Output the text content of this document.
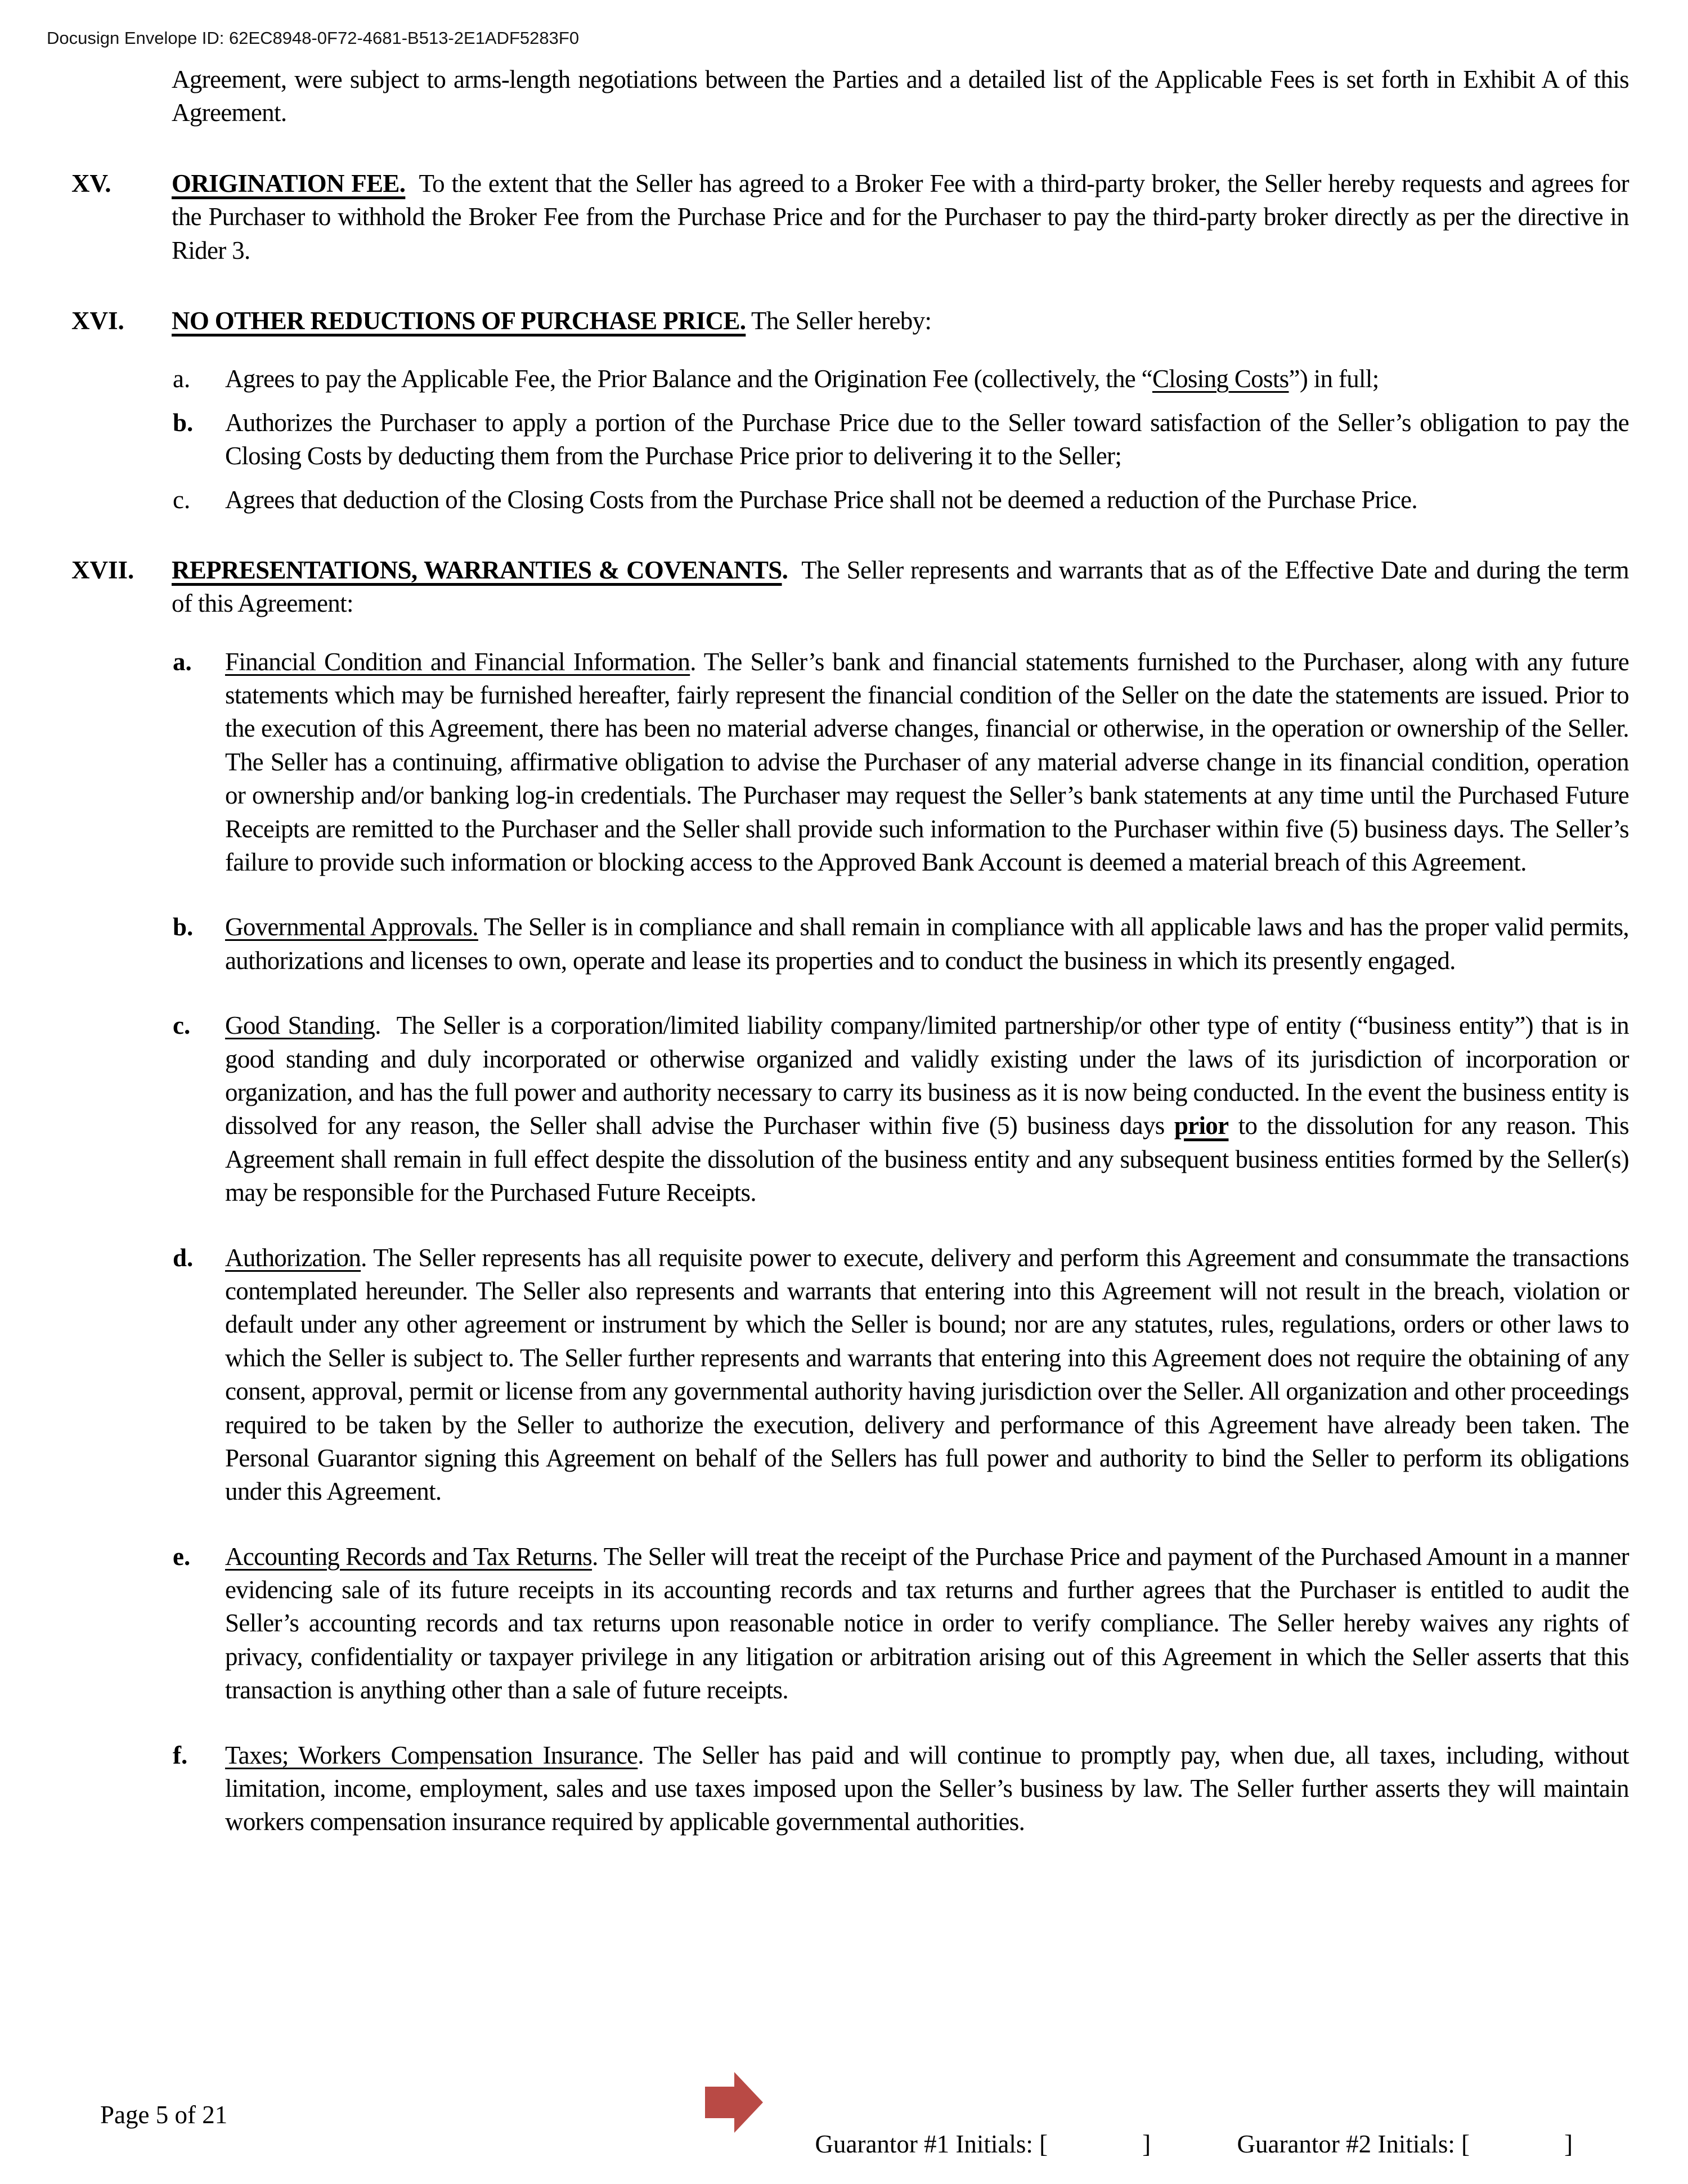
Docusign Envelope ID: 62EC8948-0F72-4681-B513-2E1ADF5283F0

Agreement, were subject to arms-length negotiations between the Parties and a detailed list of the Applicable Fees is set forth in Exhibit A of this Agreement.

XV. ORIGINATION FEE.  To the extent that the Seller has agreed to a Broker Fee with a third-party broker, the Seller hereby requests and agrees for the Purchaser to withhold the Broker Fee from the Purchase Price and for the Purchaser to pay the third-party broker directly as per the directive in Rider 3.

XVI. NO OTHER REDUCTIONS OF PURCHASE PRICE. The Seller hereby:

a. Agrees to pay the Applicable Fee, the Prior Balance and the Origination Fee (collectively, the “Closing Costs”) in full;

b. Authorizes the Purchaser to apply a portion of the Purchase Price due to the Seller toward satisfaction of the Seller’s obligation to pay the Closing Costs by deducting them from the Purchase Price prior to delivering it to the Seller;

c. Agrees that deduction of the Closing Costs from the Purchase Price shall not be deemed a reduction of the Purchase Price.

XVII. REPRESENTATIONS, WARRANTIES & COVENANTS.  The Seller represents and warrants that as of the Effective Date and during the term of this Agreement:

a. Financial Condition and Financial Information. The Seller’s bank and financial statements furnished to the Purchaser, along with any future statements which may be furnished hereafter, fairly represent the financial condition of the Seller on the date the statements are issued. Prior to the execution of this Agreement, there has been no material adverse changes, financial or otherwise, in the operation or ownership of the Seller. The Seller has a continuing, affirmative obligation to advise the Purchaser of any material adverse change in its financial condition, operation or ownership and/or banking log-in credentials. The Purchaser may request the Seller’s bank statements at any time until the Purchased Future Receipts are remitted to the Purchaser and the Seller shall provide such information to the Purchaser within five (5) business days. The Seller’s failure to provide such information or blocking access to the Approved Bank Account is deemed a material breach of this Agreement.

b. Governmental Approvals. The Seller is in compliance and shall remain in compliance with all applicable laws and has the proper valid permits, authorizations and licenses to own, operate and lease its properties and to conduct the business in which its presently engaged.

c. Good Standing.  The Seller is a corporation/limited liability company/limited partnership/or other type of entity (“business entity”) that is in good standing and duly incorporated or otherwise organized and validly existing under the laws of its jurisdiction of incorporation or organization, and has the full power and authority necessary to carry its business as it is now being conducted. In the event the business entity is dissolved for any reason, the Seller shall advise the Purchaser within five (5) business days prior to the dissolution for any reason. This Agreement shall remain in full effect despite the dissolution of the business entity and any subsequent business entities formed by the Seller(s) may be responsible for the Purchased Future Receipts.

d. Authorization. The Seller represents has all requisite power to execute, delivery and perform this Agreement and consummate the transactions contemplated hereunder. The Seller also represents and warrants that entering into this Agreement will not result in the breach, violation or default under any other agreement or instrument by which the Seller is bound; nor are any statutes, rules, regulations, orders or other laws to which the Seller is subject to. The Seller further represents and warrants that entering into this Agreement does not require the obtaining of any consent, approval, permit or license from any governmental authority having jurisdiction over the Seller. All organization and other proceedings required to be taken by the Seller to authorize the execution, delivery and performance of this Agreement have already been taken. The Personal Guarantor signing this Agreement on behalf of the Sellers has full power and authority to bind the Seller to perform its obligations under this Agreement.

e. Accounting Records and Tax Returns. The Seller will treat the receipt of the Purchase Price and payment of the Purchased Amount in a manner evidencing sale of its future receipts in its accounting records and tax returns and further agrees that the Purchaser is entitled to audit the Seller’s accounting records and tax returns upon reasonable notice in order to verify compliance. The Seller hereby waives any rights of privacy, confidentiality or taxpayer privilege in any litigation or arbitration arising out of this Agreement in which the Seller asserts that this transaction is anything other than a sale of future receipts.

f. Taxes; Workers Compensation Insurance. The Seller has paid and will continue to promptly pay, when due, all taxes, including, without limitation, income, employment, sales and use taxes imposed upon the Seller’s business by law. The Seller further asserts they will maintain workers compensation insurance required by applicable governmental authorities.

Page 5 of 21

Guarantor #1 Initials: [	]	Guarantor #2 Initials: [	]
